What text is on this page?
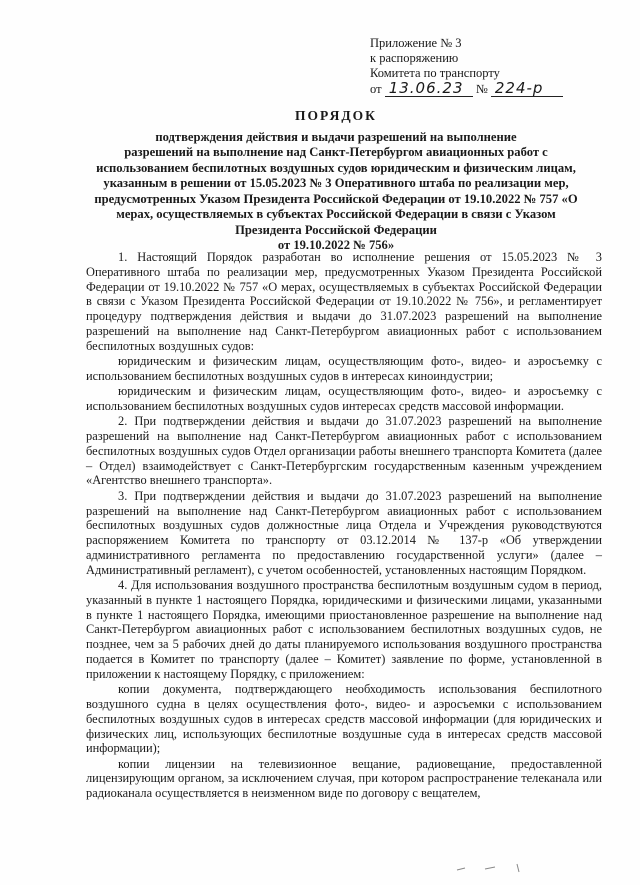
Приложение № 3
к распоряжению
Комитета по транспорту
от 13.06.23 № 224-р
ПОРЯДОК
подтверждения действия и выдачи разрешений на выполнение
разрешений на выполнение над Санкт-Петербургом авиационных работ с
использованием беспилотных воздушных судов юридическим и физическим лицам,
указанным в решении от 15.05.2023 № 3 Оперативного штаба по реализации мер,
предусмотренных Указом Президента Российской Федерации от 19.10.2022 № 757 «О
мерах, осуществляемых в субъектах Российской Федерации в связи с Указом
Президента Российской Федерации
от 19.10.2022 № 756»

1. Настоящий Порядок разработан во исполнение решения от 15.05.2023 № 3 Оперативного штаба по реализации мер, предусмотренных Указом Президента Российской Федерации от 19.10.2022 № 757 «О мерах, осуществляемых в субъектах Российской Федерации в связи с Указом Президента Российской Федерации от 19.10.2022 № 756», и регламентирует процедуру подтверждения действия и выдачи до 31.07.2023 разрешений на выполнение разрешений на выполнение над Санкт-Петербургом авиационных работ с использованием беспилотных воздушных судов:

юридическим и физическим лицам, осуществляющим фото-, видео- и аэросъемку с использованием беспилотных воздушных судов в интересах киноиндустрии;

юридическим и физическим лицам, осуществляющим фото-, видео- и аэросъемку с использованием беспилотных воздушных судов интересах средств массовой информации.

2. При подтверждении действия и выдачи до 31.07.2023 разрешений на выполнение разрешений на выполнение над Санкт-Петербургом авиационных работ с использованием беспилотных воздушных судов Отдел организации работы внешнего транспорта Комитета (далее – Отдел) взаимодействует с Санкт-Петербургским государственным казенным учреждением «Агентство внешнего транспорта».

3. При подтверждении действия и выдачи до 31.07.2023 разрешений на выполнение разрешений на выполнение над Санкт-Петербургом авиационных работ с использованием беспилотных воздушных судов должностные лица Отдела и Учреждения руководствуются распоряжением Комитета по транспорту от 03.12.2014 № 137-р «Об утверждении административного регламента по предоставлению государственной услуги» (далее – Административный регламент), с учетом особенностей, установленных настоящим Порядком.

4. Для использования воздушного пространства беспилотным воздушным судом в период, указанный в пункте 1 настоящего Порядка, юридическими и физическими лицами, указанными в пункте 1 настоящего Порядка, имеющими приостановленное разрешение на выполнение над Санкт-Петербургом авиационных работ с использованием беспилотных воздушных судов, не позднее, чем за 5 рабочих дней до даты планируемого использования воздушного пространства подается в Комитет по транспорту (далее – Комитет) заявление по форме, установленной в приложении к настоящему Порядку, с приложением:

копии документа, подтверждающего необходимость использования беспилотного воздушного судна в целях осуществления фото-, видео- и аэросъемки с использованием беспилотных воздушных судов в интересах средств массовой информации (для юридических и физических лиц, использующих беспилотные воздушные суда в интересах средств массовой информации);

копии лицензии на телевизионное вещание, радиовещание, предоставленной лицензирующим органом, за исключением случая, при котором распространение телеканала или радиоканала осуществляется в неизменном виде по договору с вещателем,
